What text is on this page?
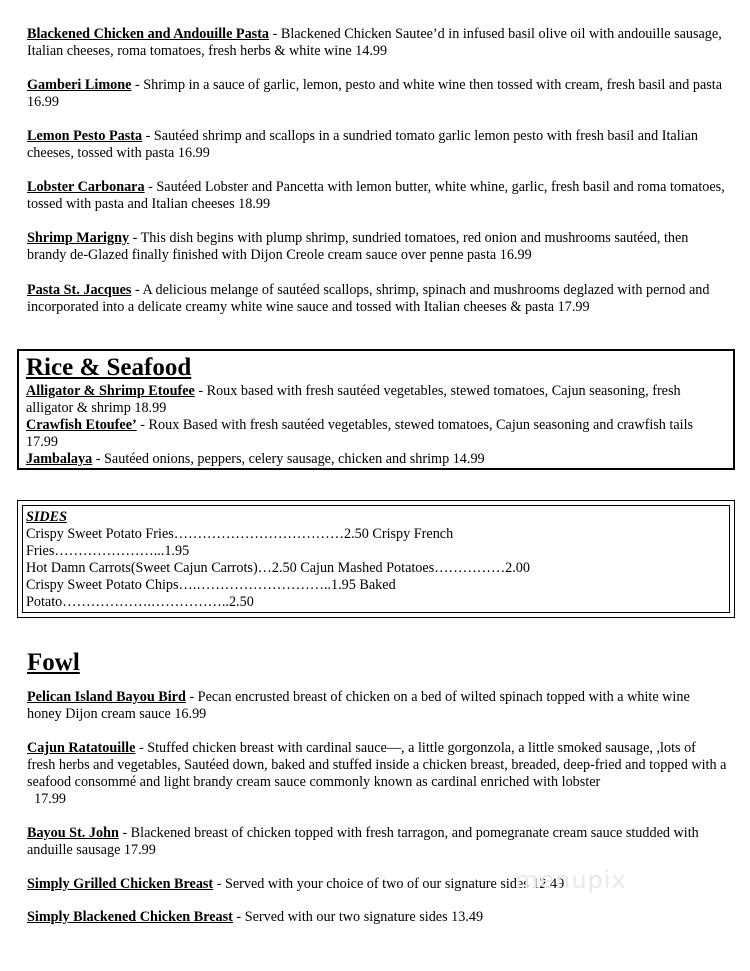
Blackened Chicken and Andouille Pasta - Blackened Chicken Sautee’d in infused basil olive oil with andouille sausage, Italian cheeses, roma tomatoes, fresh herbs & white wine 14.99

Gamberi Limone - Shrimp in a sauce of garlic, lemon, pesto and white wine then tossed with cream, fresh basil and pasta 16.99

Lemon Pesto Pasta - Sautéed shrimp and scallops in a sundried tomato garlic lemon pesto with fresh basil and Italian cheeses, tossed with pasta 16.99

Lobster Carbonara - Sautéed Lobster and Pancetta with lemon butter, white whine, garlic, fresh basil and roma tomatoes, tossed with pasta and Italian cheeses 18.99

Shrimp Marigny - This dish begins with plump shrimp, sundried tomatoes, red onion and mushrooms sautéed, then brandy de-Glazed finally finished with Dijon Creole cream sauce over penne pasta 16.99

Pasta St. Jacques - A delicious melange of sautéed scallops, shrimp, spinach and mushrooms deglazed with pernod and incorporated into a delicate creamy white wine sauce and tossed with Italian cheeses & pasta 17.99

Rice & Seafood

Alligator & Shrimp Etoufee - Roux based with fresh sautéed vegetables, stewed tomatoes, Cajun seasoning, fresh alligator & shrimp 18.99

Crawfish Etoufee’ - Roux Based with fresh sautéed vegetables, stewed tomatoes, Cajun seasoning and crawfish tails 17.99

Jambalaya - Sautéed onions, peppers, celery sausage, chicken and shrimp 14.99

SIDES

Crispy Sweet Potato Fries………………………………2.50 Crispy French

Fries…………………...1.95

Hot Damn Carrots(Sweet Cajun Carrots)…2.50 Cajun Mashed Potatoes……………2.00

Crispy Sweet Potato Chips….………………………..1.95 Baked

Potato……………….……………..2.50

Fowl

Pelican Island Bayou Bird - Pecan encrusted breast of chicken on a bed of wilted spinach topped with a white wine honey Dijon cream sauce 16.99

Cajun Ratatouille - Stuffed chicken breast with cardinal sauce—, a little gorgonzola, a little smoked sausage, ,lots of fresh herbs and vegetables, Sautéed down, baked and stuffed inside a chicken breast, breaded, deep-fried and topped with a seafood consommé and light brandy cream sauce commonly known as cardinal enriched with lobster
17.99

Bayou St. John - Blackened breast of chicken topped with fresh tarragon, and pomegranate cream sauce studded with anduille sausage 17.99

Simply Grilled Chicken Breast - Served with your choice of two of our signature sides 12.49

Simply Blackened Chicken Breast - Served with our two signature sides 13.49

menupix
